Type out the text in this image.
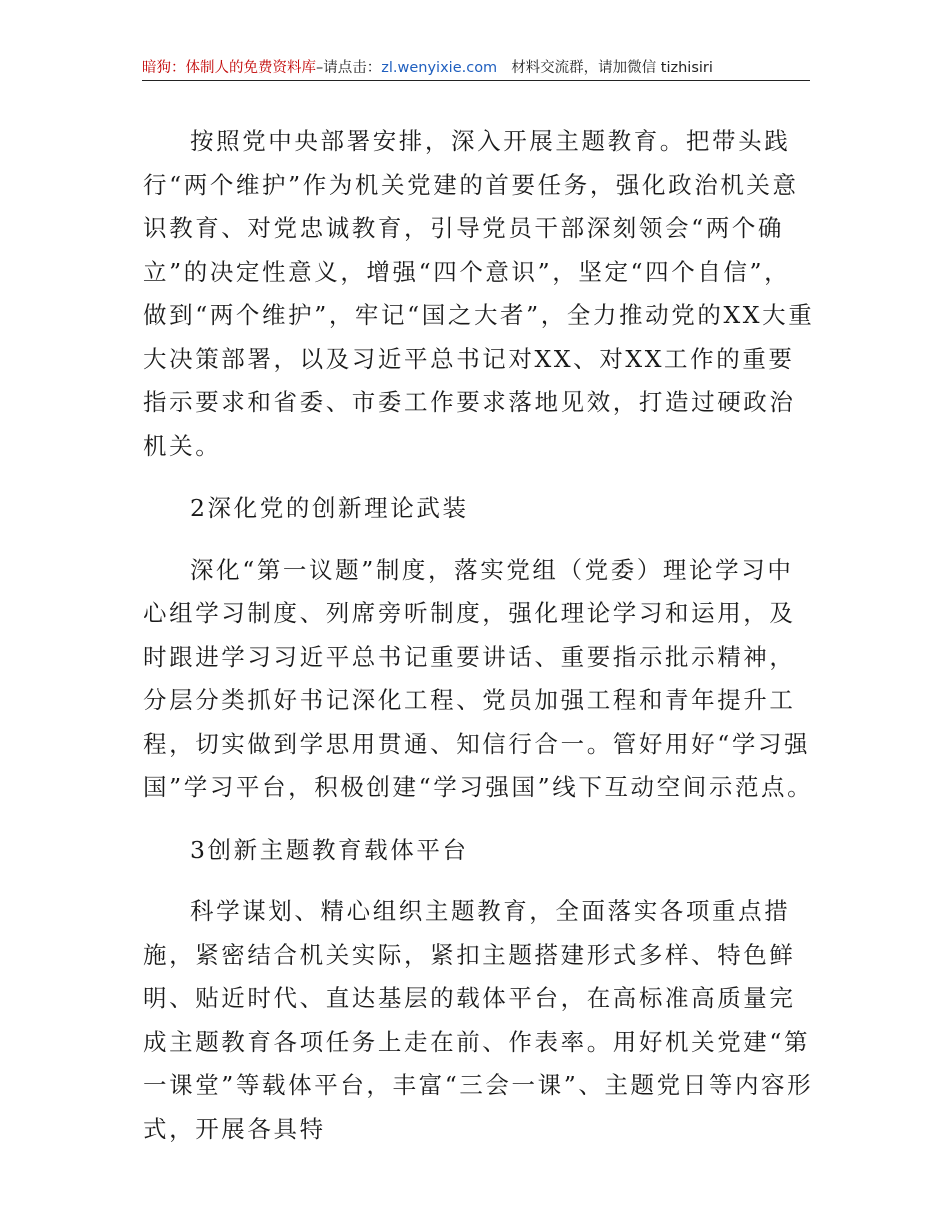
暗狗：体制人的免费资料库–请点击：zl.wenyixie.com 材料交流群，请加微信 tizhisiri

按照党中央部署安排，深入开展主题教育。把带头践行“两个维护”作为机关党建的首要任务，强化政治机关意识教育、对党忠诚教育，引导党员干部深刻领会“两个确立”的决定性意义，增强“四个意识”，坚定“四个自信”，做到“两个维护”，牢记“国之大者”，全力推动党的XX大重大决策部署，以及习近平总书记对XX、对XX工作的重要指示要求和省委、市委工作要求落地见效，打造过硬政治机关。

2深化党的创新理论武装

深化“第一议题”制度，落实党组（党委）理论学习中心组学习制度、列席旁听制度，强化理论学习和运用，及时跟进学习习近平总书记重要讲话、重要指示批示精神，分层分类抓好书记深化工程、党员加强工程和青年提升工程，切实做到学思用贯通、知信行合一。管好用好“学习强国”学习平台，积极创建“学习强国”线下互动空间示范点。

3创新主题教育载体平台

科学谋划、精心组织主题教育，全面落实各项重点措施，紧密结合机关实际，紧扣主题搭建形式多样、特色鲜明、贴近时代、直达基层的载体平台，在高标准高质量完成主题教育各项任务上走在前、作表率。用好机关党建“第一课堂”等载体平台，丰富“三会一课”、主题党日等内容形式，开展各具特
